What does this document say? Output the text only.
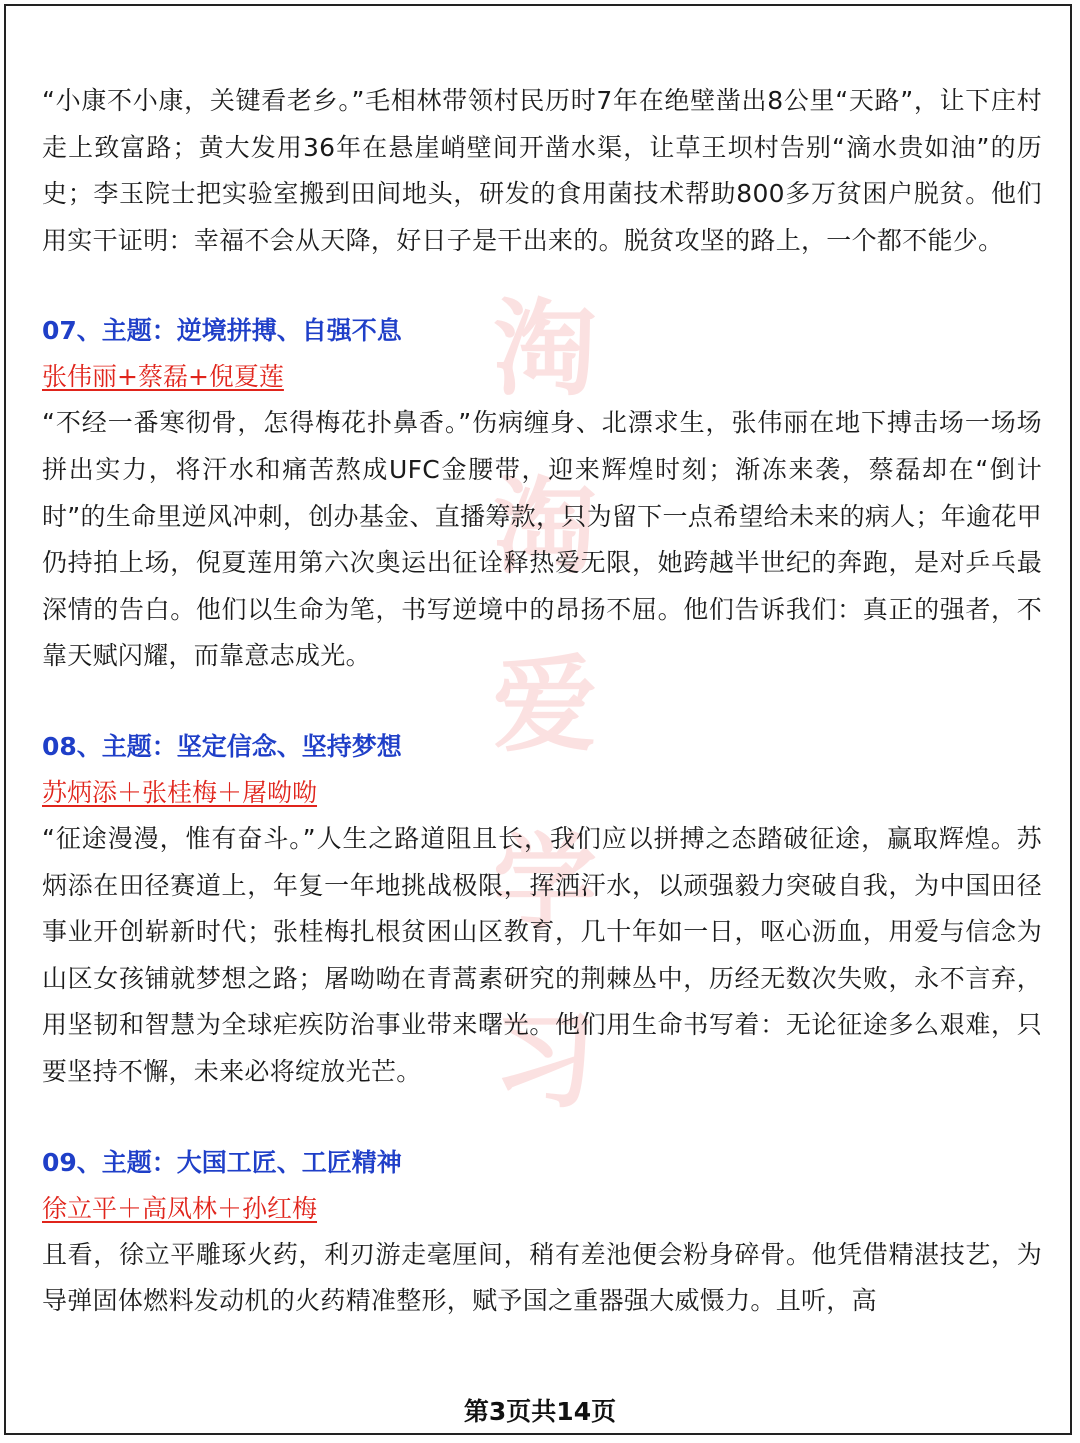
淘
淘
爱
学
习

“小康不小康，关键看老乡。”毛相林带领村民历时7年在绝壁凿出8公里“天路”，让下庄村走上致富路；黄大发用36年在悬崖峭壁间开凿水渠，让草王坝村告别“滴水贵如油”的历史；李玉院士把实验室搬到田间地头，研发的食用菌技术帮助800多万贫困户脱贫。他们用实干证明：幸福不会从天降，好日子是干出来的。脱贫攻坚的路上，一个都不能少。

07、主题：逆境拼搏、自强不息

张伟丽+蔡磊+倪夏莲

“不经一番寒彻骨，怎得梅花扑鼻香。”伤病缠身、北漂求生，张伟丽在地下搏击场一场场拼出实力，将汗水和痛苦熬成UFC金腰带，迎来辉煌时刻；渐冻来袭，蔡磊却在“倒计时”的生命里逆风冲刺，创办基金、直播筹款，只为留下一点希望给未来的病人；年逾花甲仍持拍上场，倪夏莲用第六次奥运出征诠释热爱无限，她跨越半世纪的奔跑，是对乒乓最深情的告白。他们以生命为笔，书写逆境中的昂扬不屈。他们告诉我们：真正的强者，不靠天赋闪耀，而靠意志成光。

08、主题：坚定信念、坚持梦想

苏炳添＋张桂梅＋屠呦呦

“征途漫漫，惟有奋斗。”人生之路道阻且长，我们应以拼搏之态踏破征途，赢取辉煌。苏炳添在田径赛道上，年复一年地挑战极限，挥洒汗水，以顽强毅力突破自我，为中国田径事业开创崭新时代；张桂梅扎根贫困山区教育，几十年如一日，呕心沥血，用爱与信念为山区女孩铺就梦想之路；屠呦呦在青蒿素研究的荆棘丛中，历经无数次失败，永不言弃，用坚韧和智慧为全球疟疾防治事业带来曙光。他们用生命书写着：无论征途多么艰难，只要坚持不懈，未来必将绽放光芒。

09、主题：大国工匠、工匠精神

徐立平＋高凤林＋孙红梅

且看，徐立平雕琢火药，利刃游走毫厘间，稍有差池便会粉身碎骨。他凭借精湛技艺，为导弹固体燃料发动机的火药精准整形，赋予国之重器强大威慑力。且听，高

第3页共14页
